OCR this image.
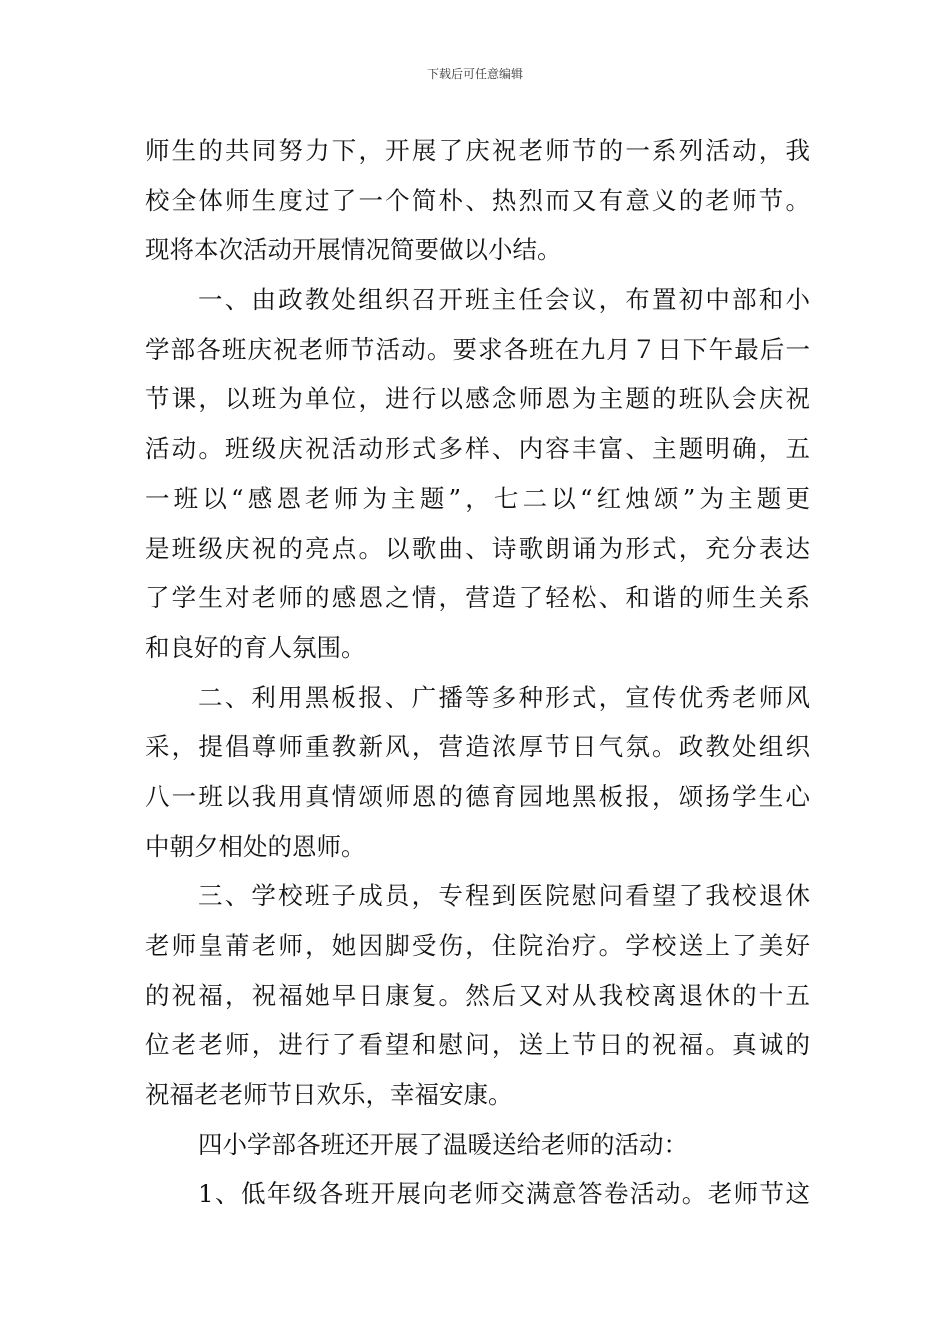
下载后可任意编辑
师生的共同努力下，开展了庆祝老师节的一系列活动，我
校全体师生度过了一个简朴、热烈而又有意义的老师节。
现将本次活动开展情况简要做以小结。
一、由政教处组织召开班主任会议，布置初中部和小
学部各班庆祝老师节活动。要求各班在九月７日下午最后一
节课，以班为单位，进行以感念师恩为主题的班队会庆祝
活动。班级庆祝活动形式多样、内容丰富、主题明确，五
一班以“感恩老师为主题”，七二以“红烛颂”为主题更
是班级庆祝的亮点。以歌曲、诗歌朗诵为形式，充分表达
了学生对老师的感恩之情，营造了轻松、和谐的师生关系
和良好的育人氛围。
二、利用黑板报、广播等多种形式，宣传优秀老师风
采，提倡尊师重教新风，营造浓厚节日气氛。政教处组织
八一班以我用真情颂师恩的德育园地黑板报，颂扬学生心
中朝夕相处的恩师。
三、学校班子成员，专程到医院慰问看望了我校退休
老师皇莆老师，她因脚受伤，住院治疗。学校送上了美好
的祝福，祝福她早日康复。然后又对从我校离退休的十五
位老老师，进行了看望和慰问，送上节日的祝福。真诚的
祝福老老师节日欢乐，幸福安康。
四小学部各班还开展了温暖送给老师的活动：
1、低年级各班开展向老师交满意答卷活动。老师节这
